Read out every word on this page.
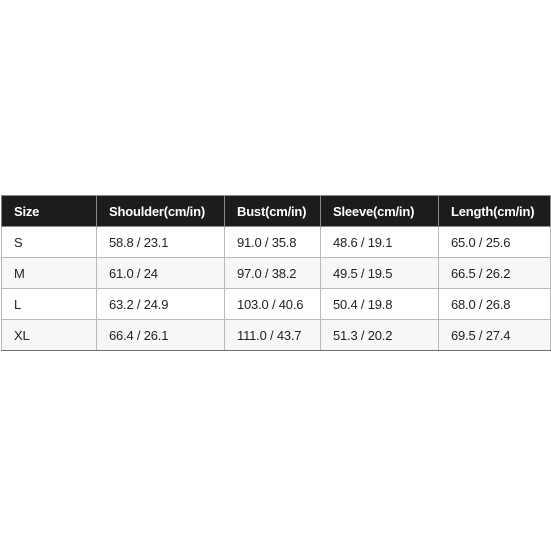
Size	Shoulder(cm/in)	Bust(cm/in)	Sleeve(cm/in)	Length(cm/in)
S	58.8 / 23.1	91.0 / 35.8	48.6 / 19.1	65.0 / 25.6
M	61.0 / 24	97.0 / 38.2	49.5 / 19.5	66.5 / 26.2
L	63.2 / 24.9	103.0 / 40.6	50.4 / 19.8	68.0 / 26.8
XL	66.4 / 26.1	111.0 / 43.7	51.3 / 20.2	69.5 / 27.4
